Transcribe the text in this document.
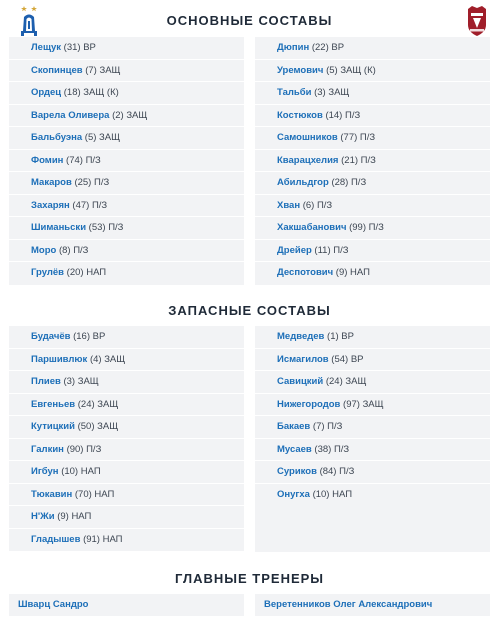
ОСНОВНЫЕ СОСТАВЫ
ЗАПАСНЫЕ СОСТАВЫ
ГЛАВНЫЕ ТРЕНЕРЫ
Лещук (31) ВР
Скопинцев (7) ЗАЩ
Ордец (18) ЗАЩ (К)
Варела Оливера (2) ЗАЩ
Бальбуэна (5) ЗАЩ
Фомин (74) П/З
Макаров (25) П/З
Захарян (47) П/З
Шиманьски (53) П/З
Моро (8) П/З
Грулёв (20) НАП
Дюпин (22) ВР
Уремович (5) ЗАЩ (К)
Тальби (3) ЗАЩ
Костюков (14) П/З
Самошников (77) П/З
Кварацхелия (21) П/З
Абильдгор (28) П/З
Хван (6) П/З
Хакшабанович (99) П/З
Дрейер (11) П/З
Деспотович (9) НАП
Будачёв (16) ВР
Паршивлюк (4) ЗАЩ
Плиев (3) ЗАЩ
Евгеньев (24) ЗАЩ
Кутицкий (50) ЗАЩ
Галкин (90) П/З
Игбун (10) НАП
Тюкавин (70) НАП
Н'Жи (9) НАП
Гладышев (91) НАП
Медведев (1) ВР
Исмагилов (54) ВР
Савицкий (24) ЗАЩ
Нижегородов (97) ЗАЩ
Бакаев (7) П/З
Мусаев (38) П/З
Суриков (84) П/З
Онугха (10) НАП
Шварц Сандро	Веретенников Олег Александрович
